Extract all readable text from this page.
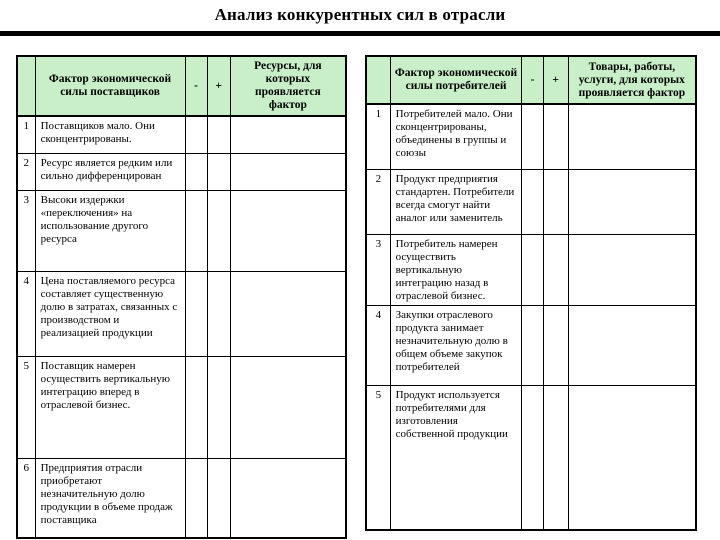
Анализ конкурентных сил в отрасли
	Фактор экономической силы поставщиков	-	+	Ресурсы, для которых проявляется фактор
1	Поставщиков мало. Они сконцентрированы.			
2	Ресурс является редким или сильно дифференцирован			
3	Высоки издержки «переключения» на использование другого ресурса			
4	Цена поставляемого ресурса составляет существенную долю в затратах, связанных с производством и реализацией продукции			
5	Поставщик намерен осуществить вертикальную интеграцию вперед в отраслевой бизнес.			
6	Предприятия отрасли приобретают незначительную долю продукции в объеме продаж поставщика			
	Фактор экономической силы потребителей	-	+	Товары, работы, услуги, для которых проявляется фактор
1	Потребителей мало. Они сконцентрированы, объединены в группы и союзы			
2	Продукт предприятия стандартен. Потребители всегда смогут найти аналог или заменитель			
3	Потребитель намерен осуществить вертикальную интеграцию назад в отраслевой бизнес.			
4	Закупки отраслевого продукта занимает незначительную долю в общем объеме закупок потребителей			
5	Продукт используется потребителями для изготовления собственной продукции			
